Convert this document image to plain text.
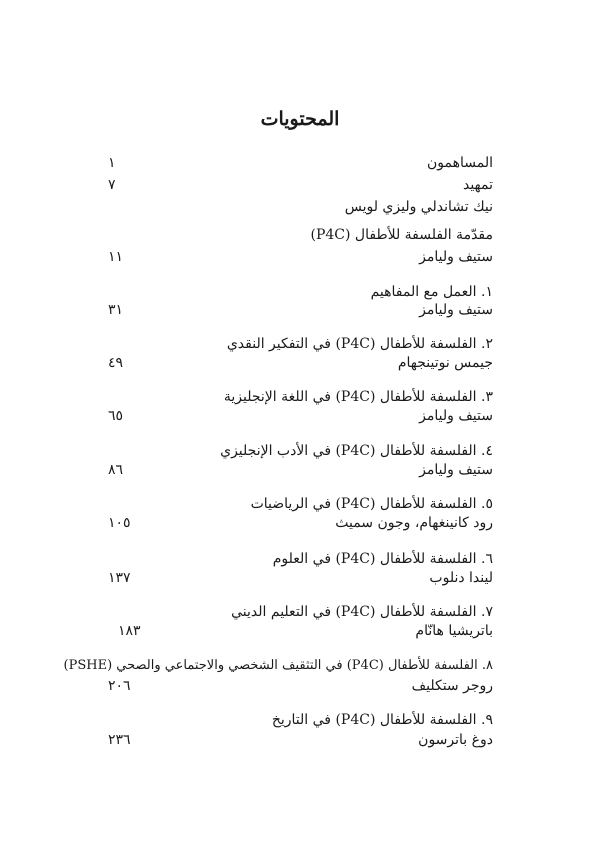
المحتويات
المساهمون
١
تمهيد
٧
نيك تشاندلي وليزي لويس
مقدّمة الفلسفة للأطفال (P4C)
ستيف وليامز
١١
١. العمل مع المفاهيم
ستيف وليامز
٣١
٢. الفلسفة للأطفال (P4C) في التفكير النقدي
جيمس نوتينجهام
٤٩
٣. الفلسفة للأطفال (P4C) في اللغة الإنجليزية
ستيف وليامز
٦٥
٤. الفلسفة للأطفال (P4C) في الأدب الإنجليزي
ستيف وليامز
٨٦
٥. الفلسفة للأطفال (P4C) في الرياضيات
رود كانينغهام، وجون سميث
١٠٥
٦. الفلسفة للأطفال (P4C) في العلوم
ليندا دنلوب
١٣٧
٧. الفلسفة للأطفال (P4C) في التعليم الديني
باتريشيا هانّام
١٨٣
٨. الفلسفة للأطفال (P4C) في التثقيف الشخصي والاجتماعي والصحي (PSHE)
روجر ستكليف
٢٠٦
٩. الفلسفة للأطفال (P4C) في التاريخ
دوغ باترسون
٢٣٦
